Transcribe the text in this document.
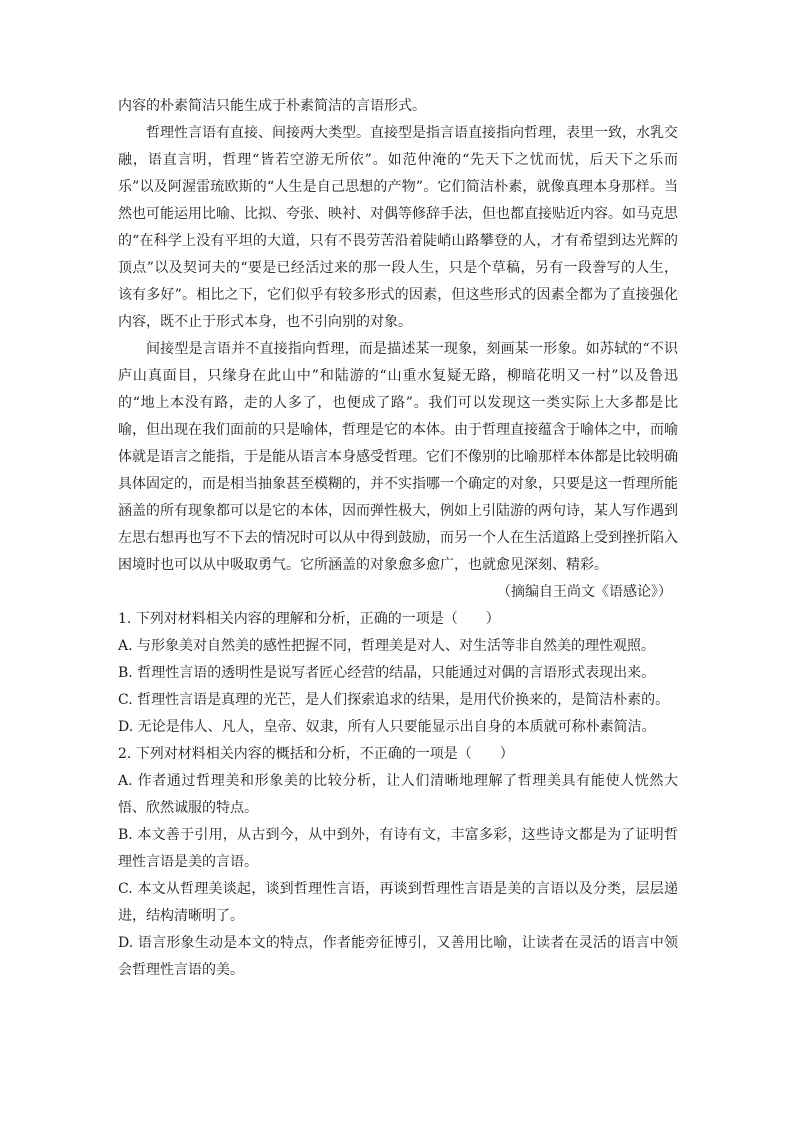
内容的朴素简洁只能生成于朴素简洁的言语形式。

哲理性言语有直接、间接两大类型。直接型是指言语直接指向哲理，表里一致，水乳交融，语直言明，哲理“皆若空游无所依”。如范仲淹的“先天下之忧而忧，后天下之乐而乐”以及阿渥雷琉欧斯的“人生是自己思想的产物”。它们简洁朴素，就像真理本身那样。当然也可能运用比喻、比拟、夸张、映衬、对偶等修辞手法，但也都直接贴近内容。如马克思的“在科学上没有平坦的大道，只有不畏劳苦沿着陡峭山路攀登的人，才有希望到达光辉的顶点”以及契诃夫的“要是已经活过来的那一段人生，只是个草稿，另有一段誊写的人生，该有多好”。相比之下，它们似乎有较多形式的因素，但这些形式的因素全都为了直接强化内容，既不止于形式本身，也不引向别的对象。

间接型是言语并不直接指向哲理，而是描述某一现象，刻画某一形象。如苏轼的“不识庐山真面目，只缘身在此山中”和陆游的“山重水复疑无路，柳暗花明又一村”以及鲁迅的“地上本没有路，走的人多了，也便成了路”。我们可以发现这一类实际上大多都是比喻，但出现在我们面前的只是喻体，哲理是它的本体。由于哲理直接蕴含于喻体之中，而喻体就是语言之能指，于是能从语言本身感受哲理。它们不像别的比喻那样本体都是比较明确具体固定的，而是相当抽象甚至模糊的，并不实指哪一个确定的对象，只要是这一哲理所能涵盖的所有现象都可以是它的本体，因而弹性极大，例如上引陆游的两句诗，某人写作遇到左思右想再也写不下去的情况时可以从中得到鼓励，而另一个人在生活道路上受到挫折陷入困境时也可以从中吸取勇气。它所涵盖的对象愈多愈广，也就愈见深刻、精彩。

（摘编自王尚文《语感论》）

1. 下列对材料相关内容的理解和分析，正确的一项是（　　）

A. 与形象美对自然美的感性把握不同，哲理美是对人、对生活等非自然美的理性观照。

B. 哲理性言语的透明性是说写者匠心经营的结晶，只能通过对偶的言语形式表现出来。

C. 哲理性言语是真理的光芒，是人们探索追求的结果，是用代价换来的，是简洁朴素的。

D. 无论是伟人、凡人，皇帝、奴隶，所有人只要能显示出自身的本质就可称朴素简洁。

2. 下列对材料相关内容的概括和分析，不正确的一项是（　　）

A. 作者通过哲理美和形象美的比较分析，让人们清晰地理解了哲理美具有能使人恍然大悟、欣然诚服的特点。

B. 本文善于引用，从古到今，从中到外，有诗有文，丰富多彩，这些诗文都是为了证明哲理性言语是美的言语。

C. 本文从哲理美谈起，谈到哲理性言语，再谈到哲理性言语是美的言语以及分类，层层递进，结构清晰明了。

D. 语言形象生动是本文的特点，作者能旁征博引，又善用比喻，让读者在灵活的语言中领会哲理性言语的美。
